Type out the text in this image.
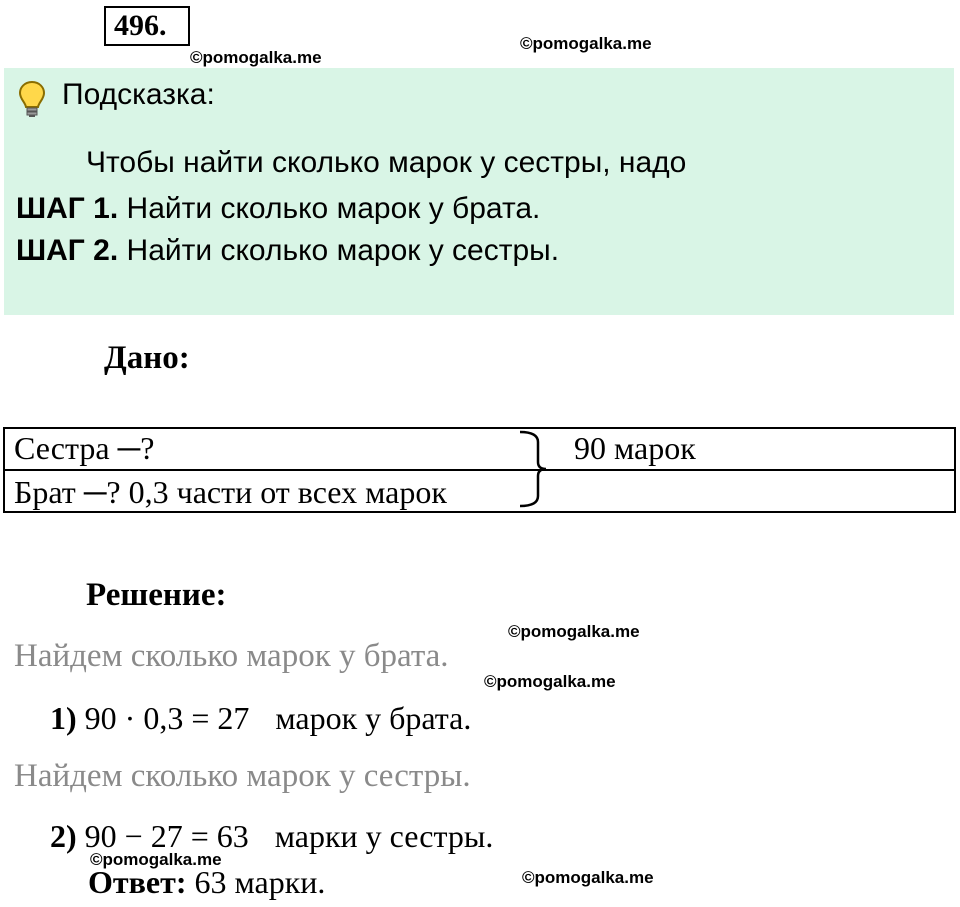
496.
©pomogalka.me
©pomogalka.me
Подсказка:
Чтобы найти сколько марок у сестры, надо
ШАГ 1. Найти сколько марок у брата.
ШАГ 2. Найти сколько марок у сестры.
Дано:
Сестра ─?
Брат ─? 0,3 части от всех марок
90 марок
Решение:
©pomogalka.me
Найдем сколько марок у брата.
©pomogalka.me
1) 90 · 0,3 = 27 марок у брата.
Найдем сколько марок у сестры.
2) 90 − 27 = 63 марки у сестры.
©pomogalka.me
Ответ: 63 марки.	©pomogalka.me
